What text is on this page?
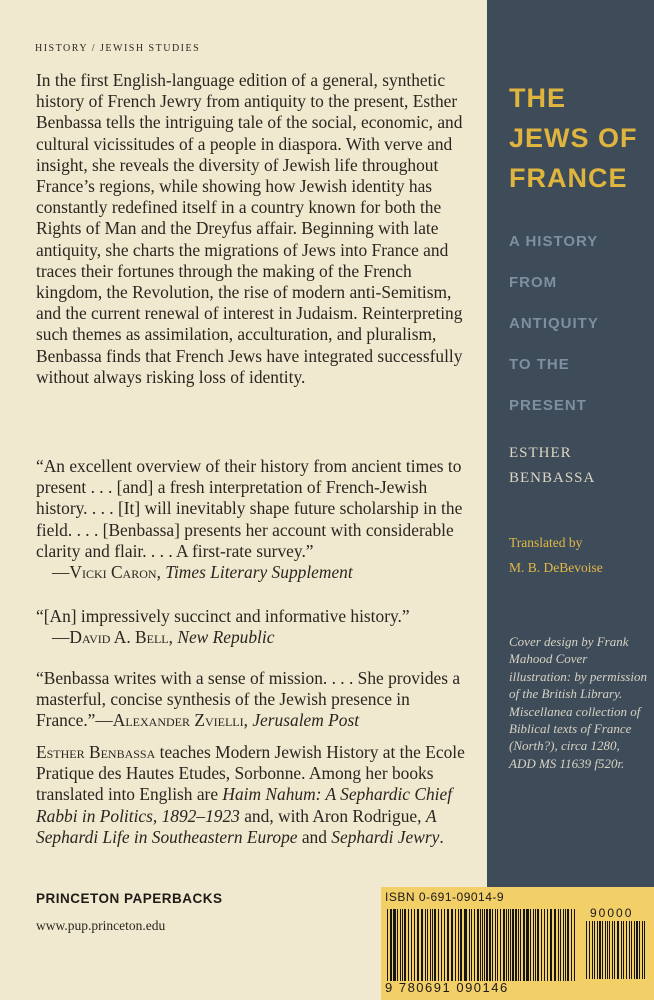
HISTORY / JEWISH STUDIES

In the first English-language edition of a general, synthetic history of French Jewry from antiquity to the present, Esther Benbassa tells the intriguing tale of the social, economic, and cultural vicissitudes of a people in diaspora. With verve and insight, she reveals the diversity of Jewish life throughout France’s regions, while showing how Jewish identity has constantly redefined itself in a country known for both the Rights of Man and the Dreyfus affair. Beginning with late antiquity, she charts the migrations of Jews into France and traces their fortunes through the making of the French kingdom, the Revolution, the rise of modern anti-Semitism, and the current renewal of interest in Judaism. Reinterpreting such themes as assimilation, acculturation, and pluralism, Benbassa finds that French Jews have integrated successfully without always risking loss of identity.

“An excellent overview of their history from ancient times to present . . . [and] a fresh interpretation of French-Jewish history. . . . [It] will inevitably shape future scholarship in the field. . . . [Benbassa] presents her account with considerable clarity and flair. . . . A first-rate survey.”
—Vicki Caron, Times Literary Supplement
“[An] impressively succinct and informative history.”
—David A. Bell, New Republic
“Benbassa writes with a sense of mission. . . . She provides a masterful, concise synthesis of the Jewish presence in France.”—Alexander Zvielli, Jerusalem Post
Esther Benbassa teaches Modern Jewish History at the Ecole Pratique des Hautes Etudes, Sorbonne. Among her books translated into English are Haim Nahum: A Sephardic Chief Rabbi in Politics, 1892–1923 and, with Aron Rodrigue, A Sephardi Life in Southeastern Europe and Sephardi Jewry.
PRINCETON PAPERBACKS
www.pup.princeton.edu
THE
JEWS OF
FRANCE
A HISTORY
FROM
ANTIQUITY
TO THE
PRESENT
ESTHER
BENBASSA
Translated by
M. B. DeBevoise
Cover design by Frank Mahood Cover illustration: by permission of the British Library. Miscellanea collection of Biblical texts of France (North?), circa 1280, ADD MS 11639 f520r.
ISBN 0-691-09014-9
90000
9 780691 090146
